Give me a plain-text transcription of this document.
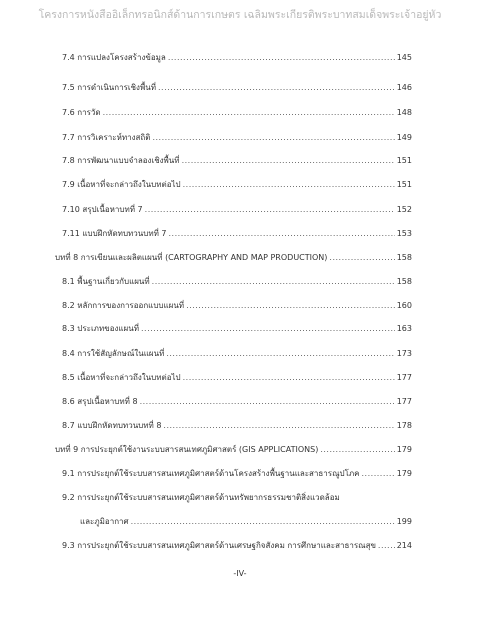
โครงการหนังสืออิเล็กทรอนิกส์ด้านการเกษตร เฉลิมพระเกียรติพระบาทสมเด็จพระเจ้าอยู่หัว
7.4 การแปลงโครงสร้างข้อมูล .....	145
7.5 การดำเนินการเชิงพื้นที่ .....	146
7.6 การวัด .....	148
7.7 การวิเคราะห์ทางสถิติ .....	149
7.8 การพัฒนาแบบจำลองเชิงพื้นที่ .....	151
7.9 เนื้อหาที่จะกล่าวถึงในบทต่อไป .....	151
7.10 สรุปเนื้อหาบทที่ 7 .....	152
7.11 แบบฝึกหัดทบทวนบทที่ 7 .....	153
บทที่ 8 การเขียนและผลิตแผนที่ (CARTOGRAPHY AND MAP PRODUCTION) .....	158
8.1 พื้นฐานเกี่ยวกับแผนที่ .....	158
8.2 หลักการของการออกแบบแผนที่ .....	160
8.3 ประเภทของแผนที่ .....	163
8.4 การใช้สัญลักษณ์ในแผนที่ .....	173
8.5 เนื้อหาที่จะกล่าวถึงในบทต่อไป .....	177
8.6 สรุปเนื้อหาบทที่ 8 .....	177
8.7 แบบฝึกหัดทบทวนบทที่ 8 .....	178
บทที่ 9 การประยุกต์ใช้งานระบบสารสนเทศภูมิศาสตร์ (GIS APPLICATIONS) .....	179
9.1 การประยุกต์ใช้ระบบสารสนเทศภูมิศาสตร์ด้านโครงสร้างพื้นฐานและสาธารณูปโภค .....	179
9.2 การประยุกต์ใช้ระบบสารสนเทศภูมิศาสตร์ด้านทรัพยากรธรรมชาติสิ่งแวดล้อม
และภูมิอากาศ .....	199
9.3 การประยุกต์ใช้ระบบสารสนเทศภูมิศาสตร์ด้านเศรษฐกิจสังคม การศึกษาและสาธารณสุข .....	214
-IV-
